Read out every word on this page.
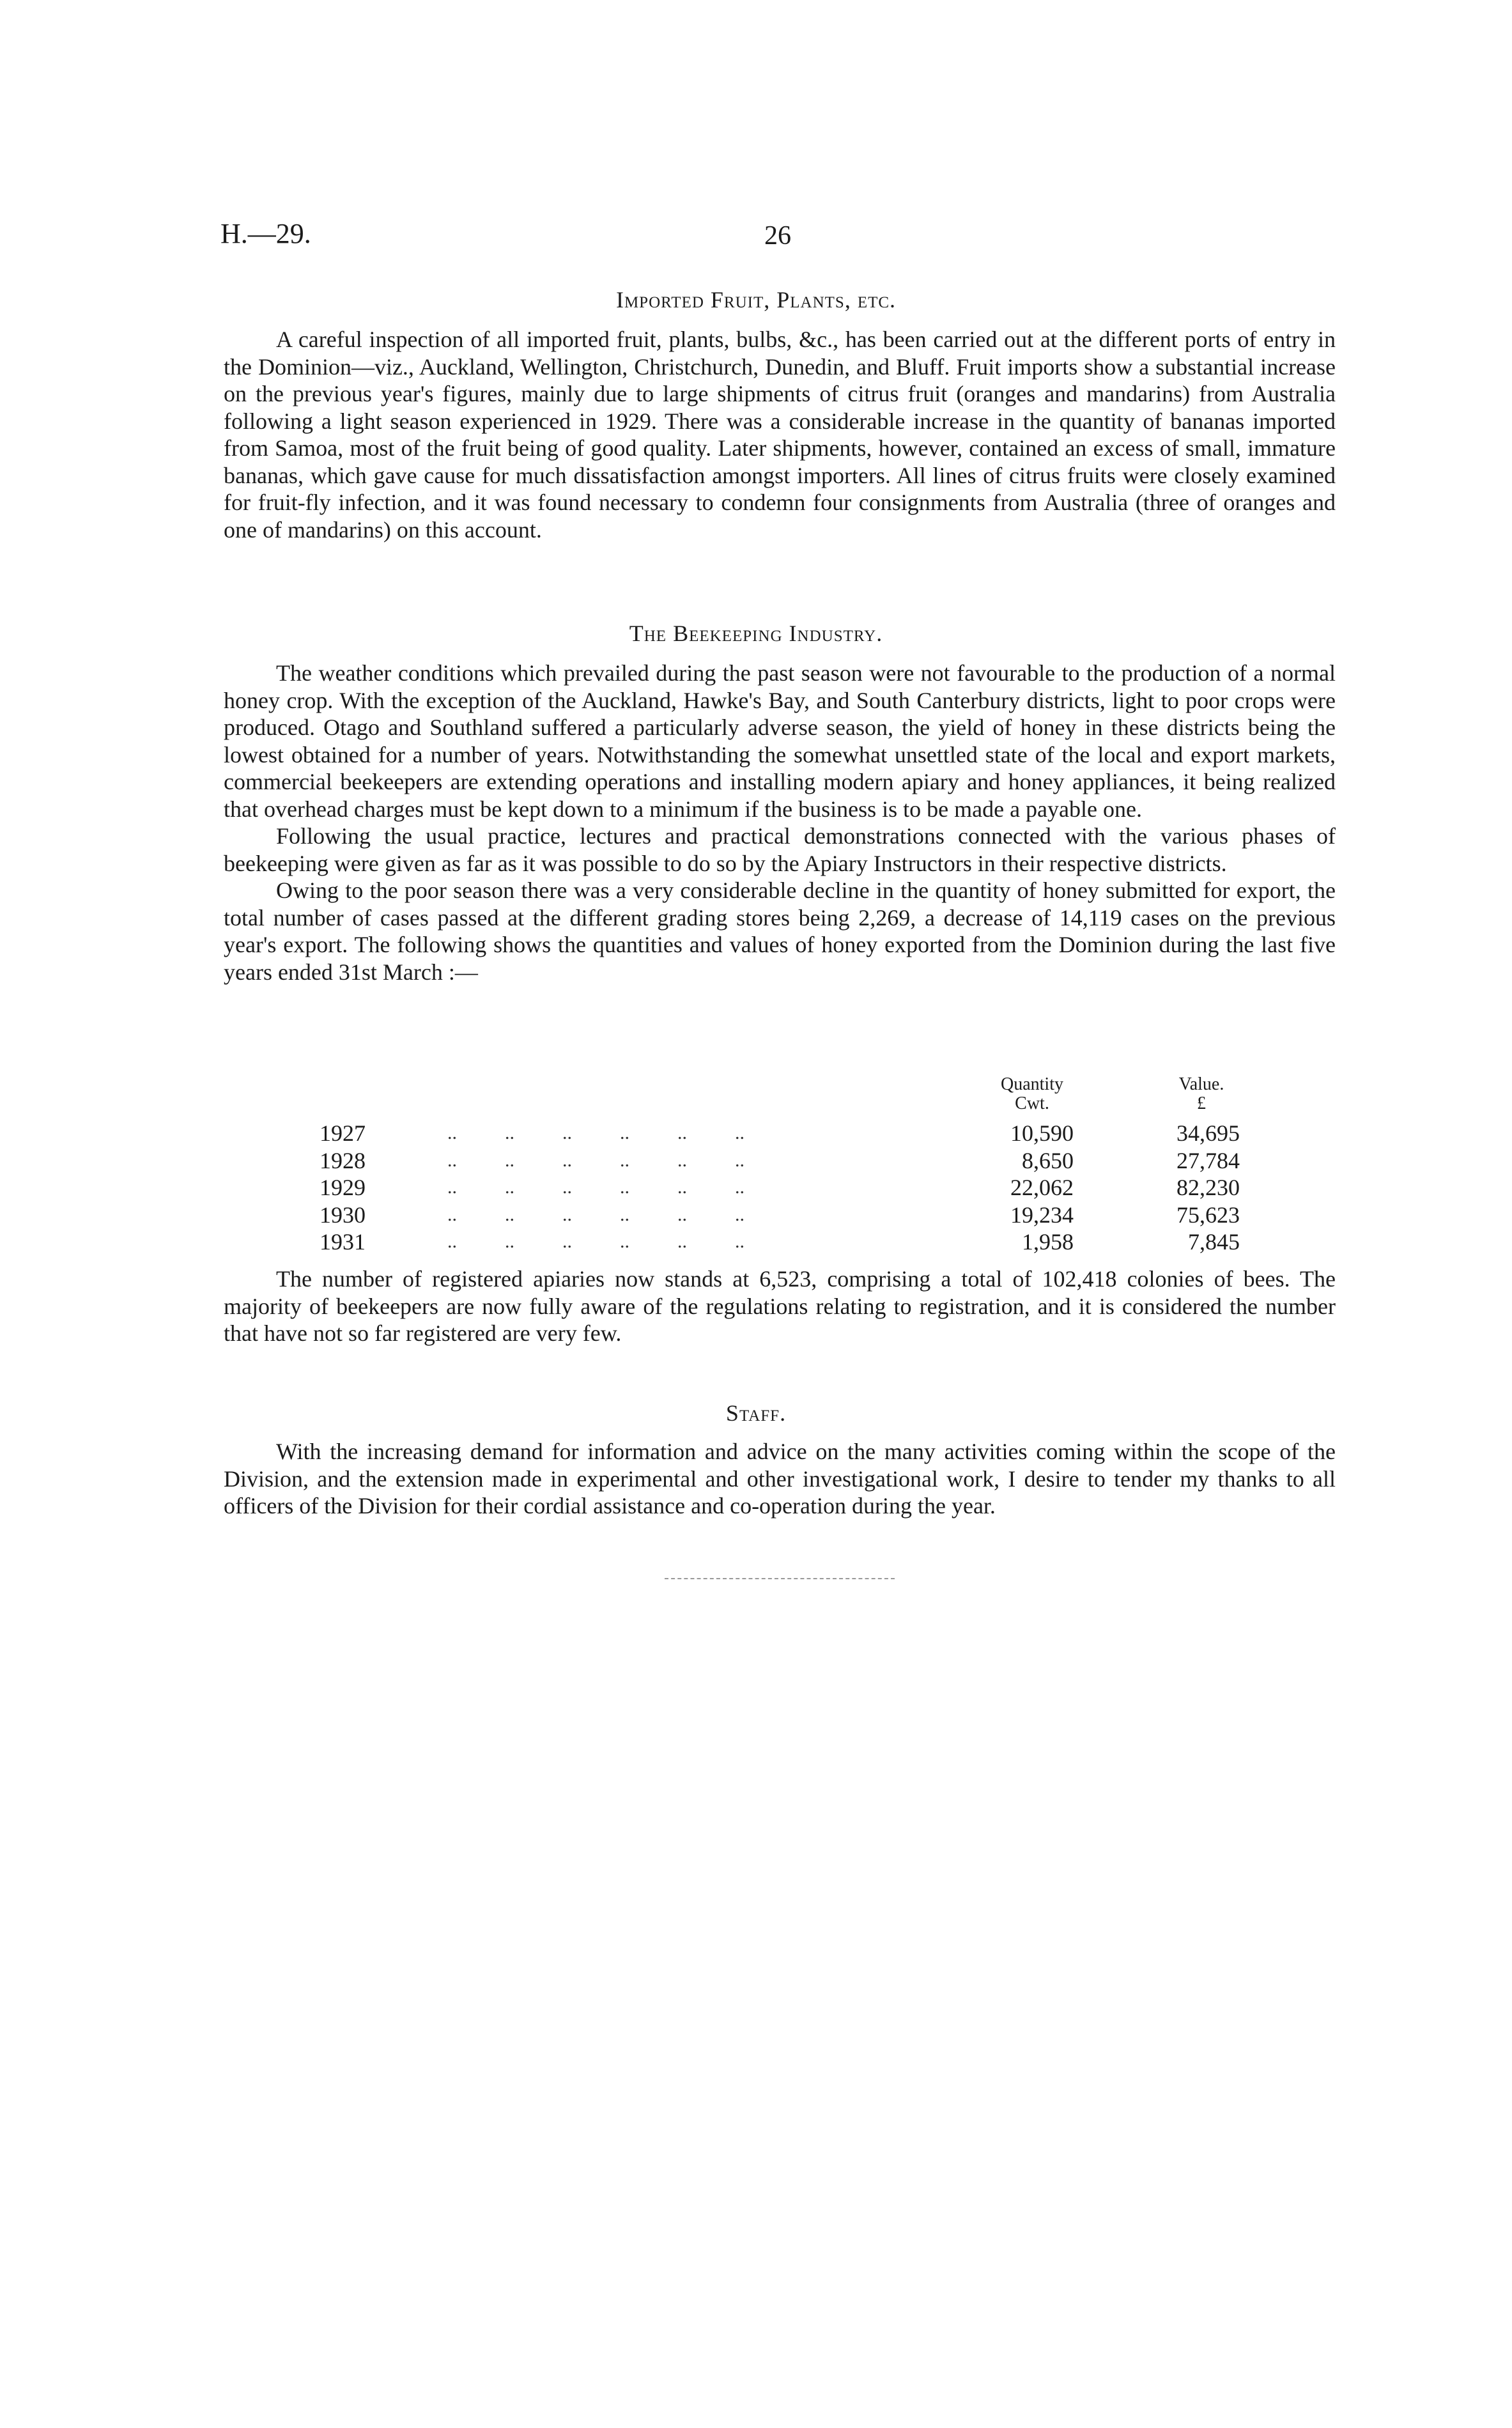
H.—29.	26
Imported Fruit, Plants, etc.

A careful inspection of all imported fruit, plants, bulbs, &c., has been carried out at the different ports of entry in the Dominion—viz., Auckland, Wellington, Christchurch, Dunedin, and Bluff. Fruit imports show a substantial increase on the previous year's figures, mainly due to large shipments of citrus fruit (oranges and mandarins) from Australia following a light season experienced in 1929. There was a considerable increase in the quantity of bananas imported from Samoa, most of the fruit being of good quality. Later shipments, however, contained an excess of small, immature bananas, which gave cause for much dissatisfaction amongst importers. All lines of citrus fruits were closely examined for fruit-fly infection, and it was found necessary to condemn four consignments from Australia (three of oranges and one of mandarins) on this account.

The Beekeeping Industry.

The weather conditions which prevailed during the past season were not favourable to the production of a normal honey crop. With the exception of the Auckland, Hawke's Bay, and South Canterbury districts, light to poor crops were produced. Otago and Southland suffered a particularly adverse season, the yield of honey in these districts being the lowest obtained for a number of years. Notwithstanding the somewhat unsettled state of the local and export markets, commercial beekeepers are extending operations and installing modern apiary and honey appliances, it being realized that overhead charges must be kept down to a minimum if the business is to be made a payable one.

Following the usual practice, lectures and practical demonstrations connected with the various phases of beekeeping were given as far as it was possible to do so by the Apiary Instructors in their respective districts.

Owing to the poor season there was a very considerable decline in the quantity of honey submitted for export, the total number of cases passed at the different grading stores being 2,269, a decrease of 14,119 cases on the previous year's export. The following shows the quantities and values of honey exported from the Dominion during the last five years ended 31st March :—

Quantity
Cwt.
Value.
£
1927	..          ..          ..          ..          ..          ..	10,590	34,695
1928	..          ..          ..          ..          ..          ..	8,650	27,784
1929	..          ..          ..          ..          ..          ..	22,062	82,230
1930	..          ..          ..          ..          ..          ..	19,234	75,623
1931	..          ..          ..          ..          ..          ..	1,958	7,845

The number of registered apiaries now stands at 6,523, comprising a total of 102,418 colonies of bees. The majority of beekeepers are now fully aware of the regulations relating to registration, and it is considered the number that have not so far registered are very few.

Staff.

With the increasing demand for information and advice on the many activities coming within the scope of the Division, and the extension made in experimental and other investigational work, I desire to tender my thanks to all officers of the Division for their cordial assistance and co-operation during the year.
